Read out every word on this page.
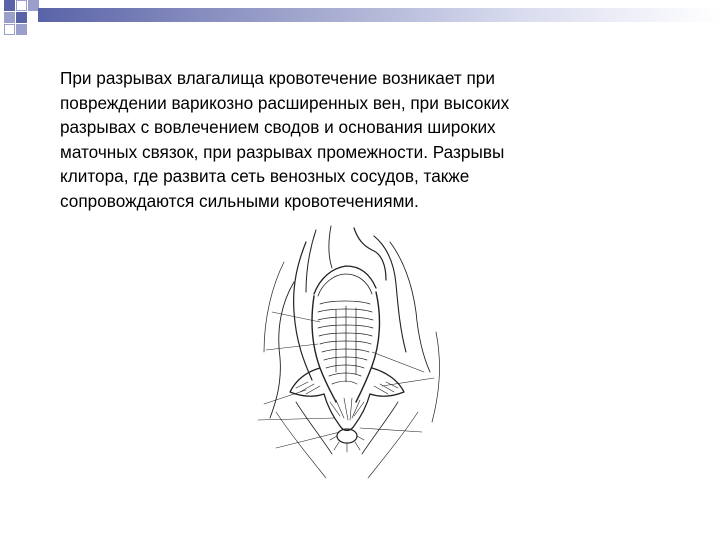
При разрывах влагалища кровотечение возникает при
повреждении варикозно расширенных вен, при высоких
разрывах с вовлечением сводов и основания широких
маточных связок, при разрывах промежности. Разрывы
клитора, где развита сеть венозных сосудов, также
сопровождаются сильными кровотечениями.
